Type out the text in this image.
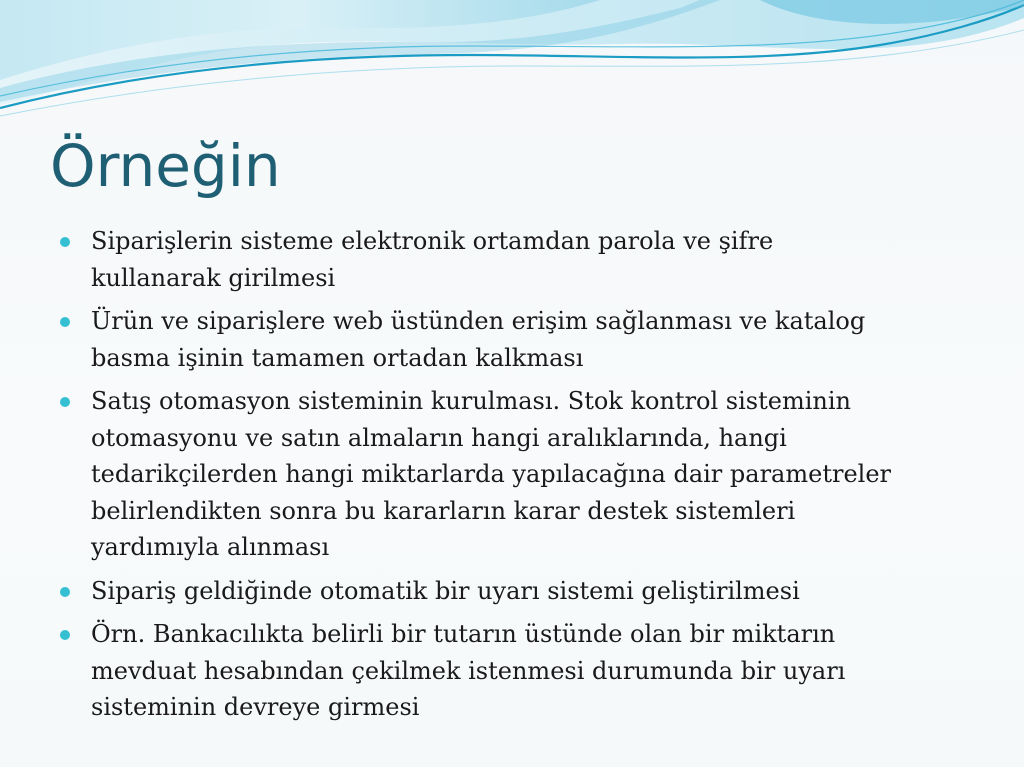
Örneğin
Siparişlerin sisteme elektronik ortamdan parola ve şifre
kullanarak girilmesi
Ürün ve siparişlere web üstünden erişim sağlanması ve katalog
basma işinin tamamen ortadan kalkması
Satış otomasyon sisteminin kurulması. Stok kontrol sisteminin
otomasyonu ve satın almaların hangi aralıklarında, hangi
tedarikçilerden hangi miktarlarda yapılacağına dair parametreler
belirlendikten sonra bu kararların karar destek sistemleri
yardımıyla alınması
Sipariş geldiğinde otomatik bir uyarı sistemi geliştirilmesi
Örn. Bankacılıkta belirli bir tutarın üstünde olan bir miktarın
mevduat hesabından çekilmek istenmesi durumunda bir uyarı
sisteminin devreye girmesi
